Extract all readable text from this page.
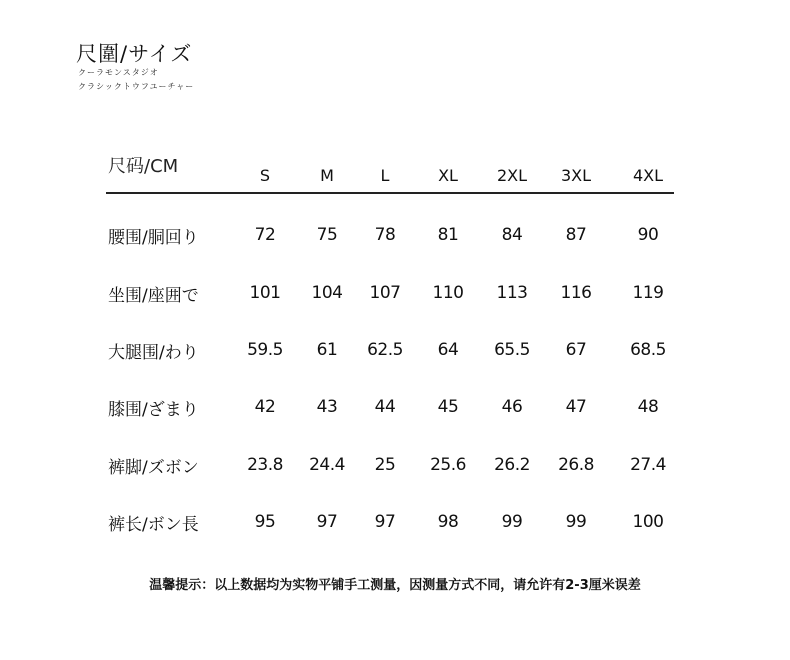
尺圍/サイズ
クーラモンスタジオ
クラシックトウフユーチャー
尺码/CM	S	M	L	XL	2XL	3XL	4XL
腰围/胴回り	72	75	78	81	84	87	90
坐围/座囲で	101	104	107	110	113	116	119
大腿围/わり	59.5	61	62.5	64	65.5	67	68.5
膝围/ざまり	42	43	44	45	46	47	48
裤脚/ズボン	23.8	24.4	25	25.6	26.2	26.8	27.4
裤长/ボン長	95	97	97	98	99	99	100
温馨提示：以上数据均为实物平铺手工测量，因测量方式不同，请允许有2-3厘米误差
